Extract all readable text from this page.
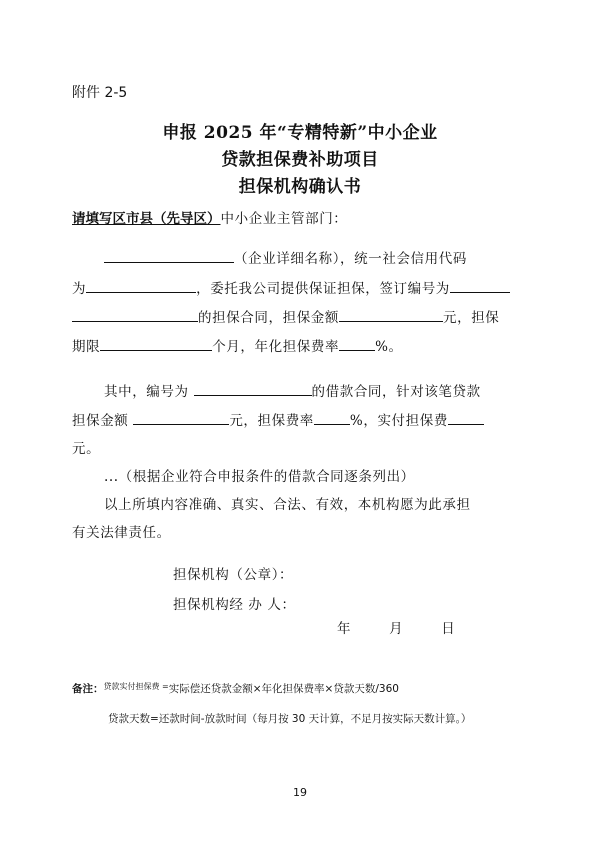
附件 2-5
申报 2025 年“专精特新”中小企业
贷款担保费补助项目
担保机构确认书
请填写区市县（先导区）中小企业主管部门：
（企业详细名称），统一社会信用代码
为	，委托我公司提供保证担保，签订编号为
的担保合同，担保金额	元，担保
期限	个月，年化担保费率	%。
其中，编号为	的借款合同，针对该笔贷款
担保金额	元，担保费率	%，实付担保费
元。
...（根据企业符合申报条件的借款合同逐条列出）
以上所填内容准确、真实、合法、有效，本机构愿为此承担
有关法律责任。
担保机构（公章）：
担保机构经 办 人：
年	月	日
备注：$^{贷款实付担保费 =}$实际偿还贷款金额×年化担保费率×贷款天数/360
贷款天数=还款时间-放款时间（每月按 30 天计算，不足月按实际天数计算。）
19
